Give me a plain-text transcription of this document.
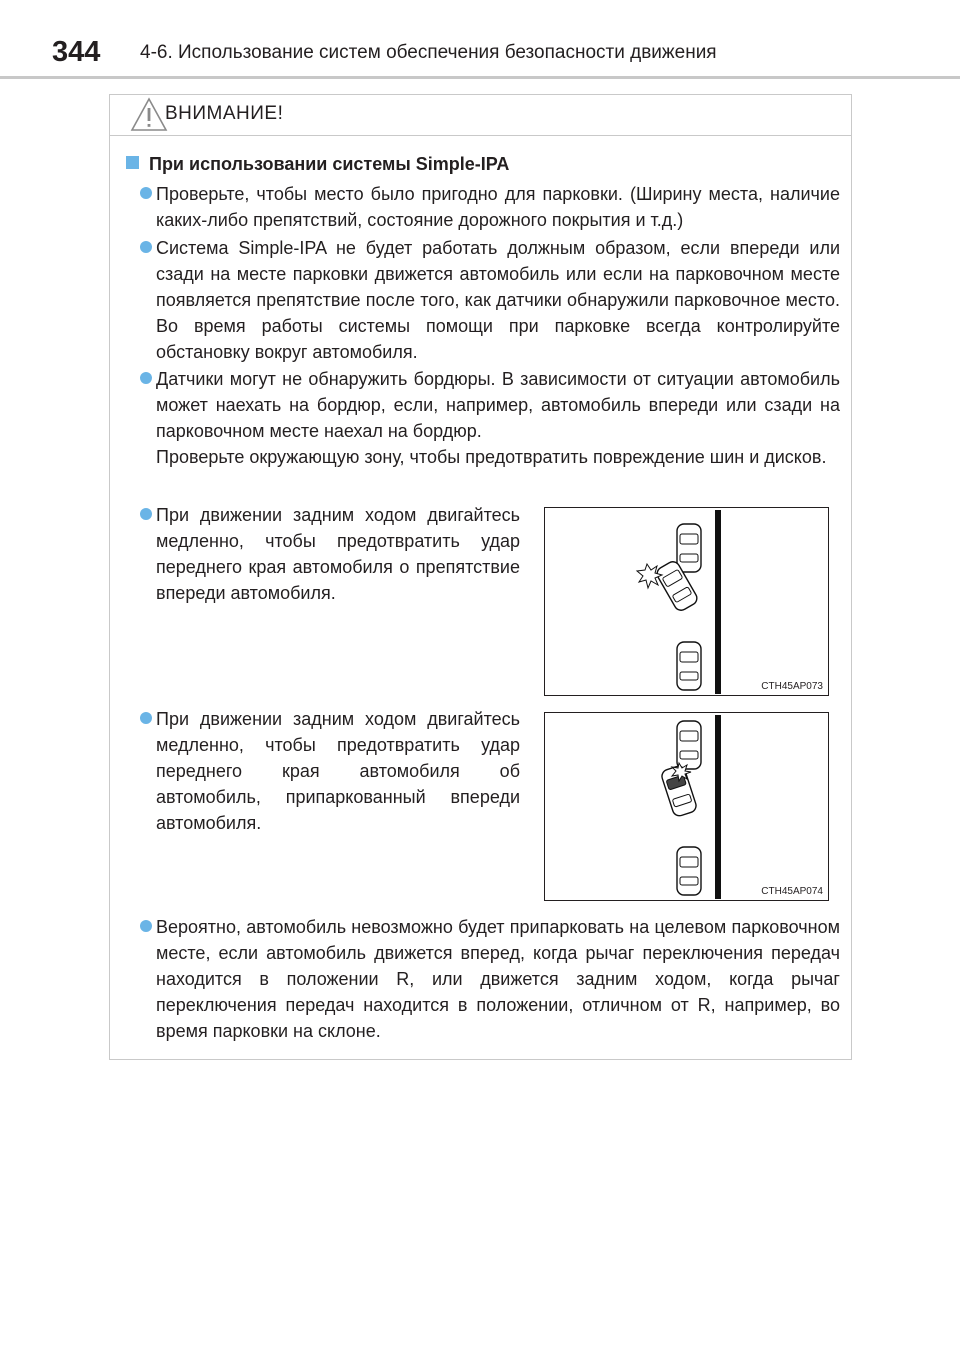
344 4-6. Использование систем обеспечения безопасности движения
ВНИМАНИЕ!
При использовании системы Simple-IPA
Проверьте, чтобы место было пригодно для парковки. (Ширину места, наличие каких-либо препятствий, состояние дорожного покрытия и т.д.)
Система Simple-IPA не будет работать должным образом, если впереди или сзади на месте парковки движется автомобиль или если на парковочном месте появляется препятствие после того, как датчики обнаружили парковочное место. Во время работы системы помощи при парковке всегда контролируйте обстановку вокруг автомобиля.

Датчики могут не обнаружить бордюры. В зависимости от ситуации автомобиль может наехать на бордюр, если, например, автомобиль впереди или сзади на парковочном месте наехал на бордюр.

Проверьте окружающую зону, чтобы предотвратить повреждение шин и дисков.

При движении задним ходом двигайтесь медленно, чтобы предотвратить удар переднего края автомобиля о препятствие впереди автомобиля.
CTH45AP073
При движении задним ходом двигайтесь медленно, чтобы предотвратить удар переднего края автомобиля об автомобиль, припаркованный впереди автомобиля.
CTH45AP074
Вероятно, автомобиль невозможно будет припарковать на целевом парковочном месте, если автомобиль движется вперед, когда рычаг переключения передач находится в положении R, или движется задним ходом, когда рычаг переключения передач находится в положении, отличном от R, например, во время парковки на склоне.
